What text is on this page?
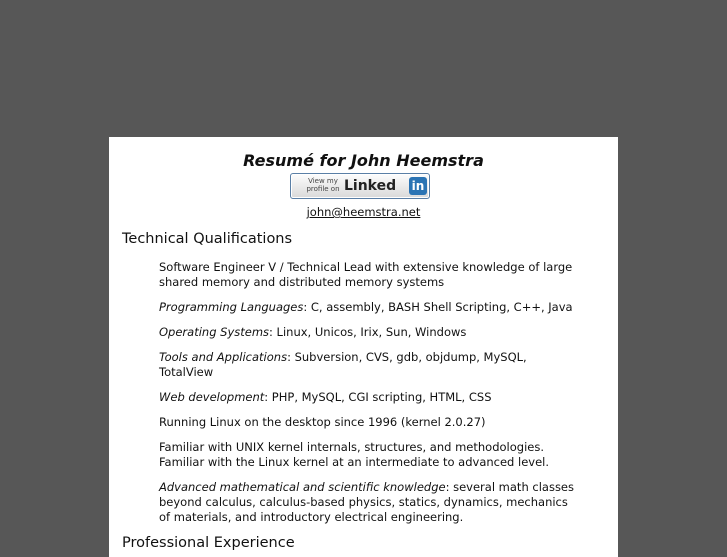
Resumé for John Heemstra
View my profile on Linked in
john@heemstra.net
Technical Qualifications
Software Engineer V / Technical Lead with extensive knowledge of large shared memory and distributed memory systems
Programming Languages: C, assembly, BASH Shell Scripting, C++, Java
Operating Systems: Linux, Unicos, Irix, Sun, Windows
Tools and Applications: Subversion, CVS, gdb, objdump, MySQL, TotalView
Web development: PHP, MySQL, CGI scripting, HTML, CSS
Running Linux on the desktop since 1996 (kernel 2.0.27)
Familiar with UNIX kernel internals, structures, and methodologies. Familiar with the Linux kernel at an intermediate to advanced level.
Advanced mathematical and scientific knowledge: several math classes beyond calculus, calculus-based physics, statics, dynamics, mechanics of materials, and introductory electrical engineering.
Professional Experience
